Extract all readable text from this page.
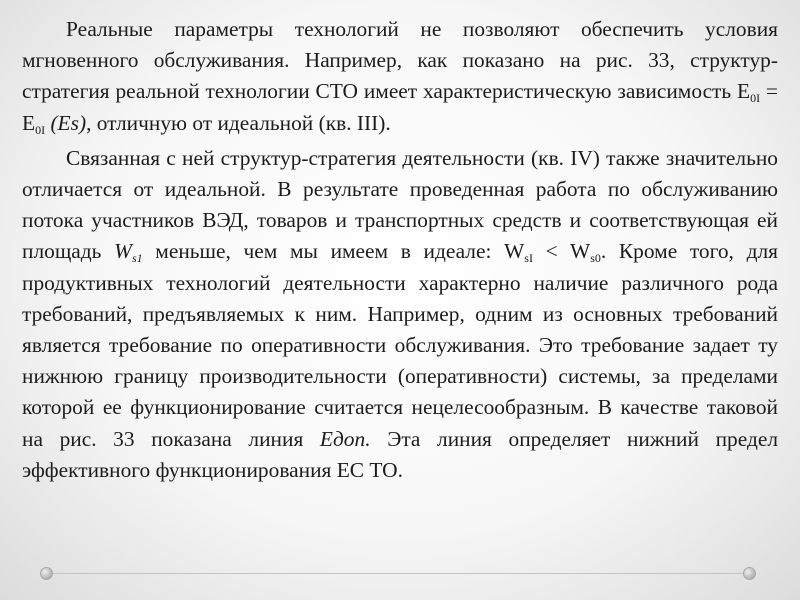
Реальные параметры технологий не позволяют обеспечить условия мгновенного обслуживания. Например, как показано на рис. 33, структур-стратегия реальной технологии СТО имеет характеристическую зависимость $E_{0I} = E_{0I}$ (Es), отличную от идеальной (кв. III).

Связанная с ней структур-стратегия деятельности (кв. IV) также значительно отличается от идеальной. В результате проведенная работа по обслуживанию потока участников ВЭД, товаров и транспортных средств и соответствующая ей площадь $W_{s1}$ меньше, чем мы имеем в идеале: $W_{sI} < W_{s0}$. Кроме того, для продуктивных технологий деятельности характерно наличие различного рода требований, предъявляемых к ним. Например, одним из основных требований является требование по оперативности обслуживания. Это требование задает ту нижнюю границу производительности (оперативности) системы, за пределами которой ее функционирование считается нецелесообразным. В качестве таковой на рис. 33 показана линия Eдоп. Эта линия определяет нижний предел эффективного функционирования ЕС ТО.
